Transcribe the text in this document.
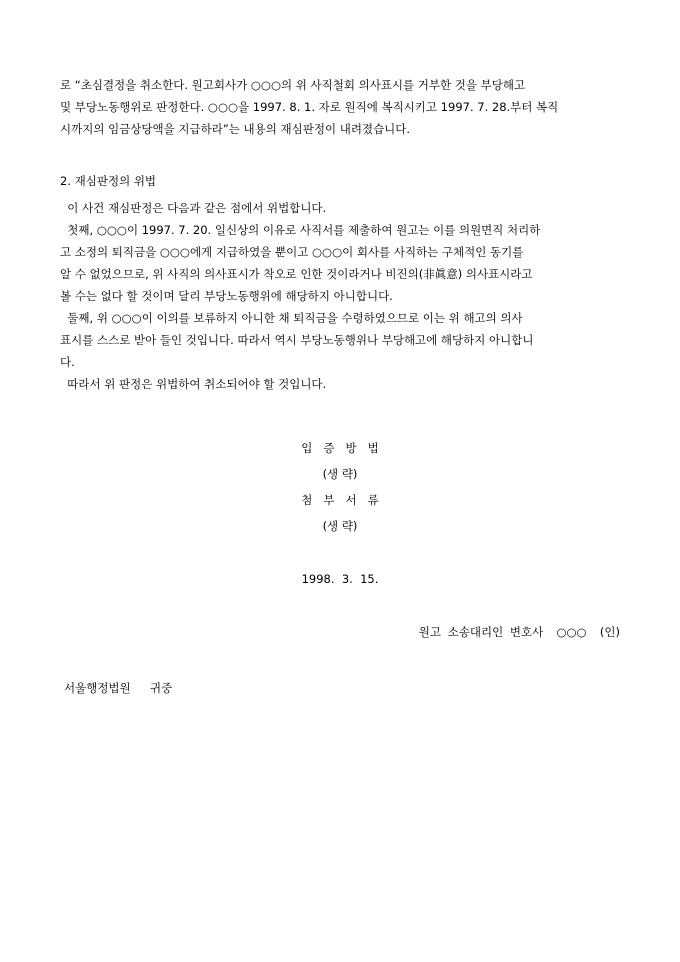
로 “초심결정을 취소한다. 원고회사가 ○○○의 위 사직철회 의사표시를 거부한 것을 부당해고
및 부당노동행위로 판정한다. ○○○을 1997. 8. 1. 자로 원직에 복직시키고 1997. 7. 28.부터 복직
시까지의 임금상당액을 지급하라”는 내용의 재심판정이 내려졌습니다.
2. 재심판정의 위법
이 사건 재심판정은 다음과 같은 점에서 위법합니다.
첫째, ○○○이 1997. 7. 20. 일신상의 이유로 사직서를 제출하여 원고는 이를 의원면직 처리하
고 소정의 퇴직금을 ○○○에게 지급하였을 뿐이고 ○○○이 회사를 사직하는 구체적인 동기를
알 수 없었으므로, 위 사직의 의사표시가 착오로 인한 것이라거나 비진의(非眞意) 의사표시라고
볼 수는 없다 할 것이며 달리 부당노동행위에 해당하지 아니합니다.
둘째, 위 ○○○이 이의를 보류하지 아니한 채 퇴직금을 수령하였으므로 이는 위 해고의 의사
표시를 스스로 받아 들인 것입니다. 따라서 역시 부당노동행위나 부당해고에 해당하지 아니합니
다.
따라서 위 판정은 위법하여 취소되어야 할 것입니다.
입증방법
(생 략)
첨부서류
(생 략)
1998.  3.  15.
원고 소송대리인 변호사  ○○○  (인)
서울행정법원  귀중
